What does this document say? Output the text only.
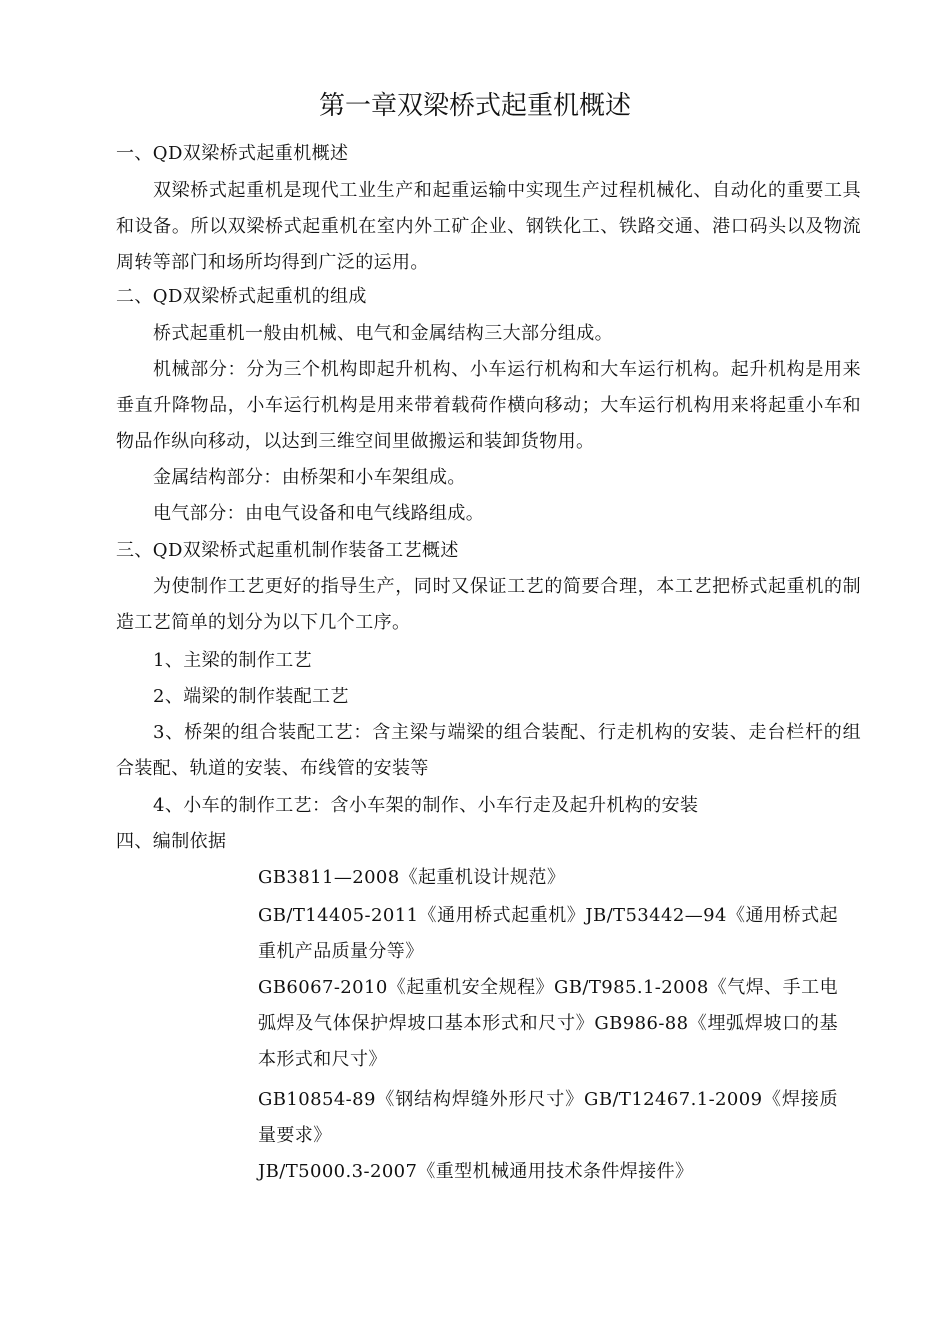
第一章双梁桥式起重机概述

一、QD双梁桥式起重机概述

双梁桥式起重机是现代工业生产和起重运输中实现生产过程机械化、自动化的重要工具和设备。所以双梁桥式起重机在室内外工矿企业、钢铁化工、铁路交通、港口码头以及物流周转等部门和场所均得到广泛的运用。

二、QD双梁桥式起重机的组成

桥式起重机一般由机械、电气和金属结构三大部分组成。

机械部分：分为三个机构即起升机构、小车运行机构和大车运行机构。起升机构是用来垂直升降物品，小车运行机构是用来带着载荷作横向移动；大车运行机构用来将起重小车和物品作纵向移动，以达到三维空间里做搬运和装卸货物用。

金属结构部分：由桥架和小车架组成。

电气部分：由电气设备和电气线路组成。

三、QD双梁桥式起重机制作装备工艺概述

为使制作工艺更好的指导生产，同时又保证工艺的简要合理，本工艺把桥式起重机的制造工艺简单的划分为以下几个工序。

1、主梁的制作工艺

2、端梁的制作装配工艺

3、桥架的组合装配工艺：含主梁与端梁的组合装配、行走机构的安装、走台栏杆的组合装配、轨道的安装、布线管的安装等

4、小车的制作工艺：含小车架的制作、小车行走及起升机构的安装

四、编制依据

GB3811—2008《起重机设计规范》

GB/T14405-2011《通用桥式起重机》JB/T53442—94《通用桥式起重机产品质量分等》

GB6067-2010《起重机安全规程》GB/T985.1-2008《气焊、手工电弧焊及气体保护焊坡口基本形式和尺寸》GB986-88《埋弧焊坡口的基本形式和尺寸》

GB10854-89《钢结构焊缝外形尺寸》GB/T12467.1-2009《焊接质量要求》

JB/T5000.3-2007《重型机械通用技术条件焊接件》
